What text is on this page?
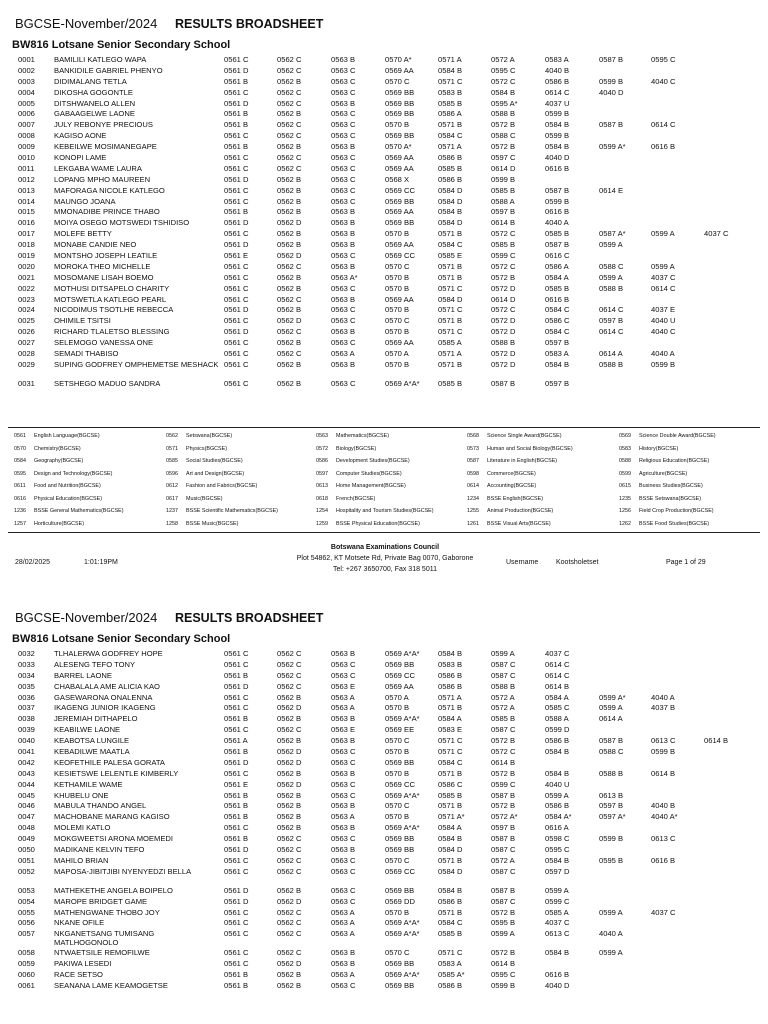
BGCSE-November/2024 RESULTS BROADSHEET
BW816 Lotsane Senior Secondary School
0001	BAMILILI KATLEGO WAPA	0561 C	0562 C	0563 B	0570 A*	0571 A	0572 A	0583 A	0587 B	0595 C
0002	BANKIDILE GABRIEL PHENYO	0561 D	0562 C	0563 C	0569 AA	0584 B	0595 C	4040 B
0003	DIDIMALANG TETLA	0561 B	0562 B	0563 C	0570 C	0571 C	0572 C	0586 B	0599 B	4040 C
0004	DIKOSHA GOGONTLE	0561 C	0562 C	0563 C	0569 BB	0583 B	0584 B	0614 C	4040 D
0005	DITSHWANELO ALLEN	0561 D	0562 C	0563 B	0569 BB	0585 B	0595 A*	4037 U
0006	GABAAGELWE LAONE	0561 B	0562 B	0563 C	0569 BB	0586 A	0588 B	0599 B
0007	JULY REBONYE PRECIOUS	0561 B	0562 C	0563 C	0570 B	0571 B	0572 B	0584 B	0587 B	0614 C
0008	KAGISO AONE	0561 C	0562 C	0563 C	0569 BB	0584 C	0588 C	0599 B
0009	KEBEILWE MOSIMANEGAPE	0561 B	0562 B	0563 B	0570 A*	0571 A	0572 B	0584 B	0599 A*	0616 B
0010	KONOPI LAME	0561 C	0562 C	0563 C	0569 AA	0586 B	0597 C	4040 D
0011	LEKGABA WAME LAURA	0561 C	0562 C	0563 C	0569 AA	0585 B	0614 D	0616 B
0012	LOPANG MPHO MAUREEN	0561 D	0562 B	0563 C	0568 X	0586 B	0599 B
0013	MAFORAGA NICOLE KATLEGO	0561 C	0562 B	0563 C	0569 CC	0584 D	0585 B	0587 B	0614 E
0014	MAUNGO JOANA	0561 C	0562 B	0563 C	0569 BB	0584 D	0588 A	0599 B
0015	MMONADIBE PRINCE THABO	0561 B	0562 B	0563 B	0569 AA	0584 B	0597 B	0616 B
0016	MOIYA OSEGO MOTSWEDI TSHIDISO	0561 D	0562 D	0563 B	0569 BB	0584 D	0614 B	4040 A
0017	MOLEFE BETTY	0561 C	0562 B	0563 B	0570 B	0571 B	0572 C	0585 B	0587 A*	0599 A	4037 C
0018	MONABE CANDIE NEO	0561 D	0562 B	0563 B	0569 AA	0584 C	0585 B	0587 B	0599 A
0019	MONTSHO JOSEPH LEATILE	0561 E	0562 D	0563 C	0569 CC	0585 E	0599 C	0616 C
0020	MOROKA THEO MICHELLE	0561 C	0562 C	0563 B	0570 C	0571 B	0572 C	0586 A	0588 C	0599 A
0021	MOSOMANE LISAH BOEMO	0561 C	0562 B	0563 A*	0570 B	0571 B	0572 B	0584 A	0599 A	4037 C
0022	MOTHUSI DITSAPELO CHARITY	0561 C	0562 B	0563 C	0570 B	0571 C	0572 D	0585 B	0588 B	0614 C
0023	MOTSWETLA KATLEGO PEARL	0561 C	0562 C	0563 B	0569 AA	0584 D	0614 D	0616 B
0024	NICODIMUS TSOTLHE REBECCA	0561 D	0562 B	0563 C	0570 B	0571 C	0572 C	0584 C	0614 C	4037 E
0025	OHIMILE TSITSI	0561 C	0562 D	0563 C	0570 C	0571 B	0572 D	0586 C	0597 B	4040 U
0026	RICHARD TLALETSO BLESSING	0561 D	0562 C	0563 B	0570 B	0571 C	0572 D	0584 C	0614 C	4040 C
0027	SELEMOGO VANESSA ONE	0561 C	0562 B	0563 C	0569 AA	0585 A	0588 B	0597 B
0028	SEMADI THABISO	0561 C	0562 C	0563 A	0570 A	0571 A	0572 D	0583 A	0614 A	4040 A
0029	SUPING GODFREY OMPHEMETSE MESHACK 0561 C	0562 B	0563 B	0570 B	0571 B	0572 D	0584 B	0588 B	0599 B
0031	SETSHEGO MADUO SANDRA	0561 C	0562 B	0563 C	0569 A*A* 0585 B	0587 B	0597 B
0561 English Language(BGCSE)	0562 Setswana(BGCSE)	0563 Mathematics(BGCSE)	0568 Science Single Award(BGCSE)	0569 Science Double Award(BGCSE)
0570 Chemistry(BGCSE)	0571 Physics(BGCSE)	0572 Biology(BGCSE)	0573 Human and Social Biology(BGCSE)	0583 History(BGCSE)
0584 Geography(BGCSE)	0585 Social Studies(BGCSE)	0586 Development Studies(BGCSE)	0587 Literature in English(BGCSE)	0588 Religious Education(BGCSE)
0595 Design and Technology(BGCSE)	0596 Art and Design(BGCSE)	0597 Computer Studies(BGCSE)	0598 Commerce(BGCSE)	0599 Agriculture(BGCSE)
0611 Food and Nutrition(BGCSE)	0612 Fashion and Fabrics(BGCSE)	0613 Home Management(BGCSE)	0614 Accounting(BGCSE)	0615 Business Studies(BGCSE)
0616 Physical Education(BGCSE)	0617 Music(BGCSE)	0618 French(BGCSE)	1234 BSSE English(BGCSE)	1235 BSSE Setswana(BGCSE)
1236 BSSE General Mathematics(BGCSE)	1237 BSSE Scientific Mathematics(BGCSE)	1254 Hospitality and Tourism Studies(BGCSE)	1255 Animal Production(BGCSE)	1256 Field Crop Production(BGCSE)
1257 Horticulture(BGCSE)	1258 BSSE Music(BGCSE)	1259 BSSE Physical Education(BGCSE)	1261 BSSE Visual Arts(BGCSE)	1262 BSSE Food Studies(BGCSE)
28/02/2025	1:01:19PM
Botswana Examinations Council
Plot 54862, KT Motsete Rd, Private Bag 0070, Gaborone
Tel: +267 3650700, Fax 318 5011
Username	Kootsholetset	Page 1 of 29
BGCSE-November/2024 RESULTS BROADSHEET
BW816 Lotsane Senior Secondary School
0032	TLHALERWA GODFREY HOPE	0561 C	0562 C	0563 B	0569 A*A* 0584 B	0599 A	4037 C
0033	ALESENG TEFO TONY	0561 C	0562 C	0563 C	0569 BB	0583 B	0587 C	0614 C
0034	BARREL LAONE	0561 B	0562 C	0563 C	0569 CC	0586 B	0587 C	0614 C
0035	CHABALALA AME ALICIA KAO	0561 D	0562 C	0563 E	0569 AA	0586 B	0588 B	0614 B
0036	GASEWARONA ONALENNA	0561 C	0562 B	0563 A	0570 A	0571 A	0572 A	0584 A	0599 A*	4040 A
0037	IKAGENG JUNIOR IKAGENG	0561 C	0562 D	0563 A	0570 B	0571 B	0572 A	0585 C	0599 A	4037 B
0038	JEREMIAH DITHAPELO	0561 B	0562 B	0563 B	0569 A*A* 0584 A	0585 B	0588 A	0614 A
0039	KEABILWE LAONE	0561 C	0562 C	0563 E	0569 EE	0583 E	0587 C	0599 D
0040	KEABOTSA LUNGILE	0561 A	0562 B	0563 B	0570 C	0571 C	0572 B	0586 B	0587 B	0613 C	0614 B
0041	KEBADILWE MAATLA	0561 B	0562 D	0563 C	0570 B	0571 C	0572 C	0584 B	0588 C	0599 B
0042	KEOFETHILE PALESA GORATA	0561 D	0562 D	0563 C	0569 BB	0584 C	0614 B
0043	KESIETSWE LELENTLE KIMBERLY	0561 C	0562 B	0563 B	0570 B	0571 B	0572 B	0584 B	0588 B	0614 B
0044	KETHAMILE WAME	0561 E	0562 D	0563 C	0569 CC	0586 C	0599 C	4040 U
0045	KHUBELU ONE	0561 B	0562 B	0563 C	0569 A*A* 0585 B	0587 B	0599 A	0613 B
0046	MABULA THANDO ANGEL	0561 B	0562 B	0563 B	0570 C	0571 B	0572 B	0586 B	0597 B	4040 B
0047	MACHOBANE MARANG KAGISO	0561 B	0562 B	0563 A	0570 B	0571 A*	0572 A*	0584 A*	0597 A*	4040 A*
0048	MOLEMI KATLO	0561 C	0562 B	0563 B	0569 A*A* 0584 A	0597 B	0616 A
0049	MOKGWEETSI ARONA MOEMEDI	0561 B	0562 C	0563 C	0569 BB	0584 B	0587 B	0598 C	0599 B	0613 C
0050	MADIKANE KELVIN TEFO	0561 D	0562 C	0563 B	0569 BB	0584 D	0587 C	0595 C
0051	MAHILO BRIAN	0561 C	0562 C	0563 C	0570 C	0571 B	0572 A	0584 B	0595 B	0616 B
0052	MAPOSA-JIBITJIBI NYENYEDZI BELLA	0561 C	0562 C	0563 C	0569 CC	0584 D	0587 C	0597 D
0053	MATHEKETHE ANGELA BOIPELO	0561 D	0562 B	0563 C	0569 BB	0584 B	0587 B	0599 A
0054	MAROPE BRIDGET GAME	0561 D	0562 D	0563 C	0569 DD	0586 B	0587 C	0599 C
0055	MATHENGWANE THOBO JOY	0561 C	0562 C	0563 A	0570 B	0571 B	0572 B	0585 A	0599 A	4037 C
0056	NKANE OFILE	0561 C	0562 C	0563 A	0569 A*A* 0584 C	0595 B	4037 C
0057	NKGANETSANG TUMISANG MATLHOGONOLO
0561 C	0562 C	0563 A	0569 A*A* 0585 B	0599 A	0613 C	4040 A
0058	NTWAETSILE REMOFILWE	0561 C	0562 C	0563 B	0570 C	0571 C	0572 B	0584 B	0599 A
0059	PAKIWA LESEDI	0561 C	0562 D	0563 B	0569 BB	0583 A	0614 B
0060	RACE SETSO	0561 B	0562 B	0563 A	0569 A*A* 0585 A*	0595 C	0616 B
0061	SEANANA LAME KEAMOGETSE	0561 B	0562 B	0563 C	0569 BB	0586 B	0599 B	4040 D
